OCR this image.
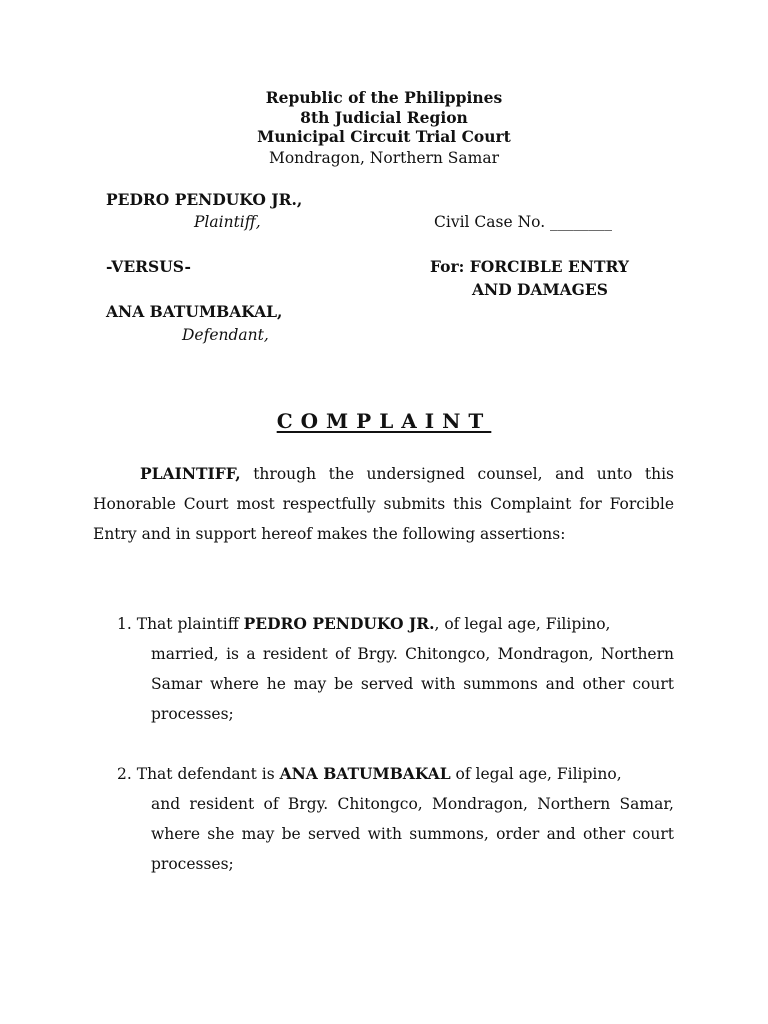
Republic of the Philippines
8th Judicial Region
Municipal Circuit Trial Court
Mondragon, Northern Samar
PEDRO PENDUKO JR.,
Plaintiff,	Civil Case No. ________
-VERSUS-	For: FORCIBLE ENTRY
AND DAMAGES
ANA BATUMBAKAL,
Defendant,
COMPLAINT
PLAINTIFF, through the undersigned counsel, and unto this Honorable Court most respectfully submits this Complaint for Forcible Entry and in support hereof makes the following assertions:
1. That plaintiff PEDRO PENDUKO JR., of legal age, Filipino,
married, is a resident of Brgy. Chitongco, Mondragon, Northern Samar where he may be served with summons and other court processes;
2. That defendant is ANA BATUMBAKAL of legal age, Filipino,
and resident of Brgy. Chitongco, Mondragon, Northern Samar, where she may be served with summons, order and other court processes;
